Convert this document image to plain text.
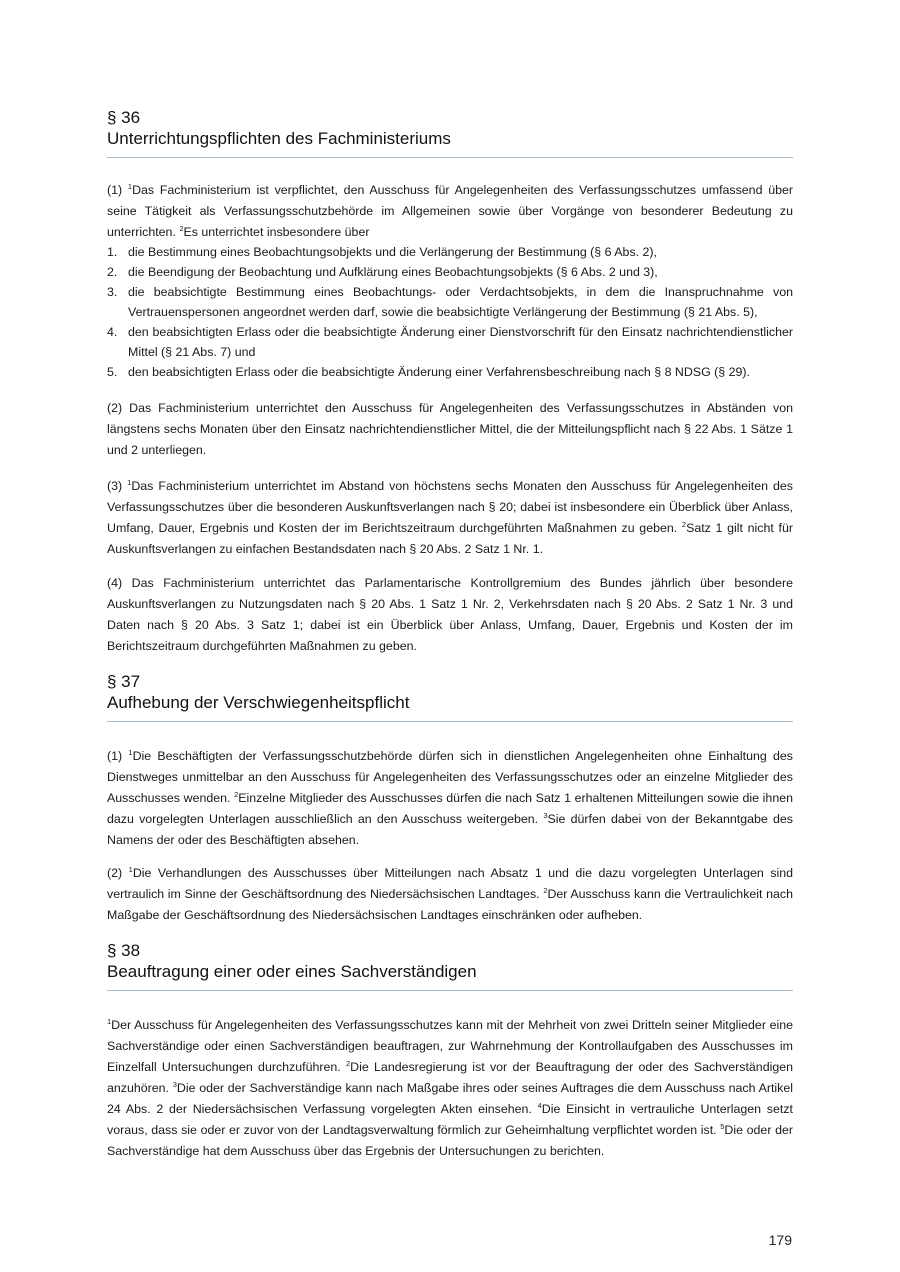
§ 36
Unterrichtungspflichten des Fachministeriums
(1) $^1$Das Fachministerium ist verpflichtet, den Ausschuss für Angelegenheiten des Verfassungsschutzes umfassend über seine Tätigkeit als Verfassungsschutzbehörde im Allgemeinen sowie über Vorgänge von besonderer Bedeutung zu unterrichten. $^2$Es unterrichtet insbesondere über
1. die Bestimmung eines Beobachtungsobjekts und die Verlängerung der Bestimmung (§ 6 Abs. 2),
2. die Beendigung der Beobachtung und Aufklärung eines Beobachtungsobjekts (§ 6 Abs. 2 und 3),
3. die beabsichtigte Bestimmung eines Beobachtungs- oder Verdachtsobjekts, in dem die Inanspruchnahme von Vertrauenspersonen angeordnet werden darf, sowie die beabsichtigte Verlängerung der Bestimmung (§ 21 Abs. 5),
4. den beabsichtigten Erlass oder die beabsichtigte Änderung einer Dienstvorschrift für den Einsatz nachrichtendienstlicher Mittel (§ 21 Abs. 7) und
5. den beabsichtigten Erlass oder die beabsichtigte Änderung einer Verfahrensbeschreibung nach § 8 NDSG (§ 29).
(2) Das Fachministerium unterrichtet den Ausschuss für Angelegenheiten des Verfassungsschutzes in Abständen von längstens sechs Monaten über den Einsatz nachrichtendienstlicher Mittel, die der Mitteilungspflicht nach § 22 Abs. 1 Sätze 1 und 2 unterliegen.
(3) $^1$Das Fachministerium unterrichtet im Abstand von höchstens sechs Monaten den Ausschuss für Angelegenheiten des Verfassungsschutzes über die besonderen Auskunftsverlangen nach § 20; dabei ist insbesondere ein Überblick über Anlass, Umfang, Dauer, Ergebnis und Kosten der im Berichtszeitraum durchgeführten Maßnahmen zu geben. $^2$Satz 1 gilt nicht für Auskunftsverlangen zu einfachen Bestandsdaten nach § 20 Abs. 2 Satz 1 Nr. 1.
(4) Das Fachministerium unterrichtet das Parlamentarische Kontrollgremium des Bundes jährlich über besondere Auskunftsverlangen zu Nutzungsdaten nach § 20 Abs. 1 Satz 1 Nr. 2, Verkehrsdaten nach § 20 Abs. 2 Satz 1 Nr. 3 und Daten nach § 20 Abs. 3 Satz 1; dabei ist ein Überblick über Anlass, Umfang, Dauer, Ergebnis und Kosten der im Berichtszeitraum durchgeführten Maßnahmen zu geben.
§ 37
Aufhebung der Verschwiegenheitspflicht
(1) $^1$Die Beschäftigten der Verfassungsschutzbehörde dürfen sich in dienstlichen Angelegenheiten ohne Einhaltung des Dienstweges unmittelbar an den Ausschuss für Angelegenheiten des Verfassungsschutzes oder an einzelne Mitglieder des Ausschusses wenden. $^2$Einzelne Mitglieder des Ausschusses dürfen die nach Satz 1 erhaltenen Mitteilungen sowie die ihnen dazu vorgelegten Unterlagen ausschließlich an den Ausschuss weitergeben. $^3$Sie dürfen dabei von der Bekanntgabe des Namens der oder des Beschäftigten absehen.
(2) $^1$Die Verhandlungen des Ausschusses über Mitteilungen nach Absatz 1 und die dazu vorgelegten Unterlagen sind vertraulich im Sinne der Geschäftsordnung des Niedersächsischen Landtages. $^2$Der Ausschuss kann die Vertraulichkeit nach Maßgabe der Geschäftsordnung des Niedersächsischen Landtages einschränken oder aufheben.
§ 38
Beauftragung einer oder eines Sachverständigen
$^1$Der Ausschuss für Angelegenheiten des Verfassungsschutzes kann mit der Mehrheit von zwei Dritteln seiner Mitglieder eine Sachverständige oder einen Sachverständigen beauftragen, zur Wahrnehmung der Kontrollaufgaben des Ausschusses im Einzelfall Untersuchungen durchzuführen. $^2$Die Landesregierung ist vor der Beauftragung der oder des Sachverständigen anzuhören. $^3$Die oder der Sachverständige kann nach Maßgabe ihres oder seines Auftrages die dem Ausschuss nach Artikel 24 Abs. 2 der Niedersächsischen Verfassung vorgelegten Akten einsehen. $^4$Die Einsicht in vertrauliche Unterlagen setzt voraus, dass sie oder er zuvor von der Landtagsverwaltung förmlich zur Geheimhaltung verpflichtet worden ist. $^5$Die oder der Sachverständige hat dem Ausschuss über das Ergebnis der Untersuchungen zu berichten.
179
